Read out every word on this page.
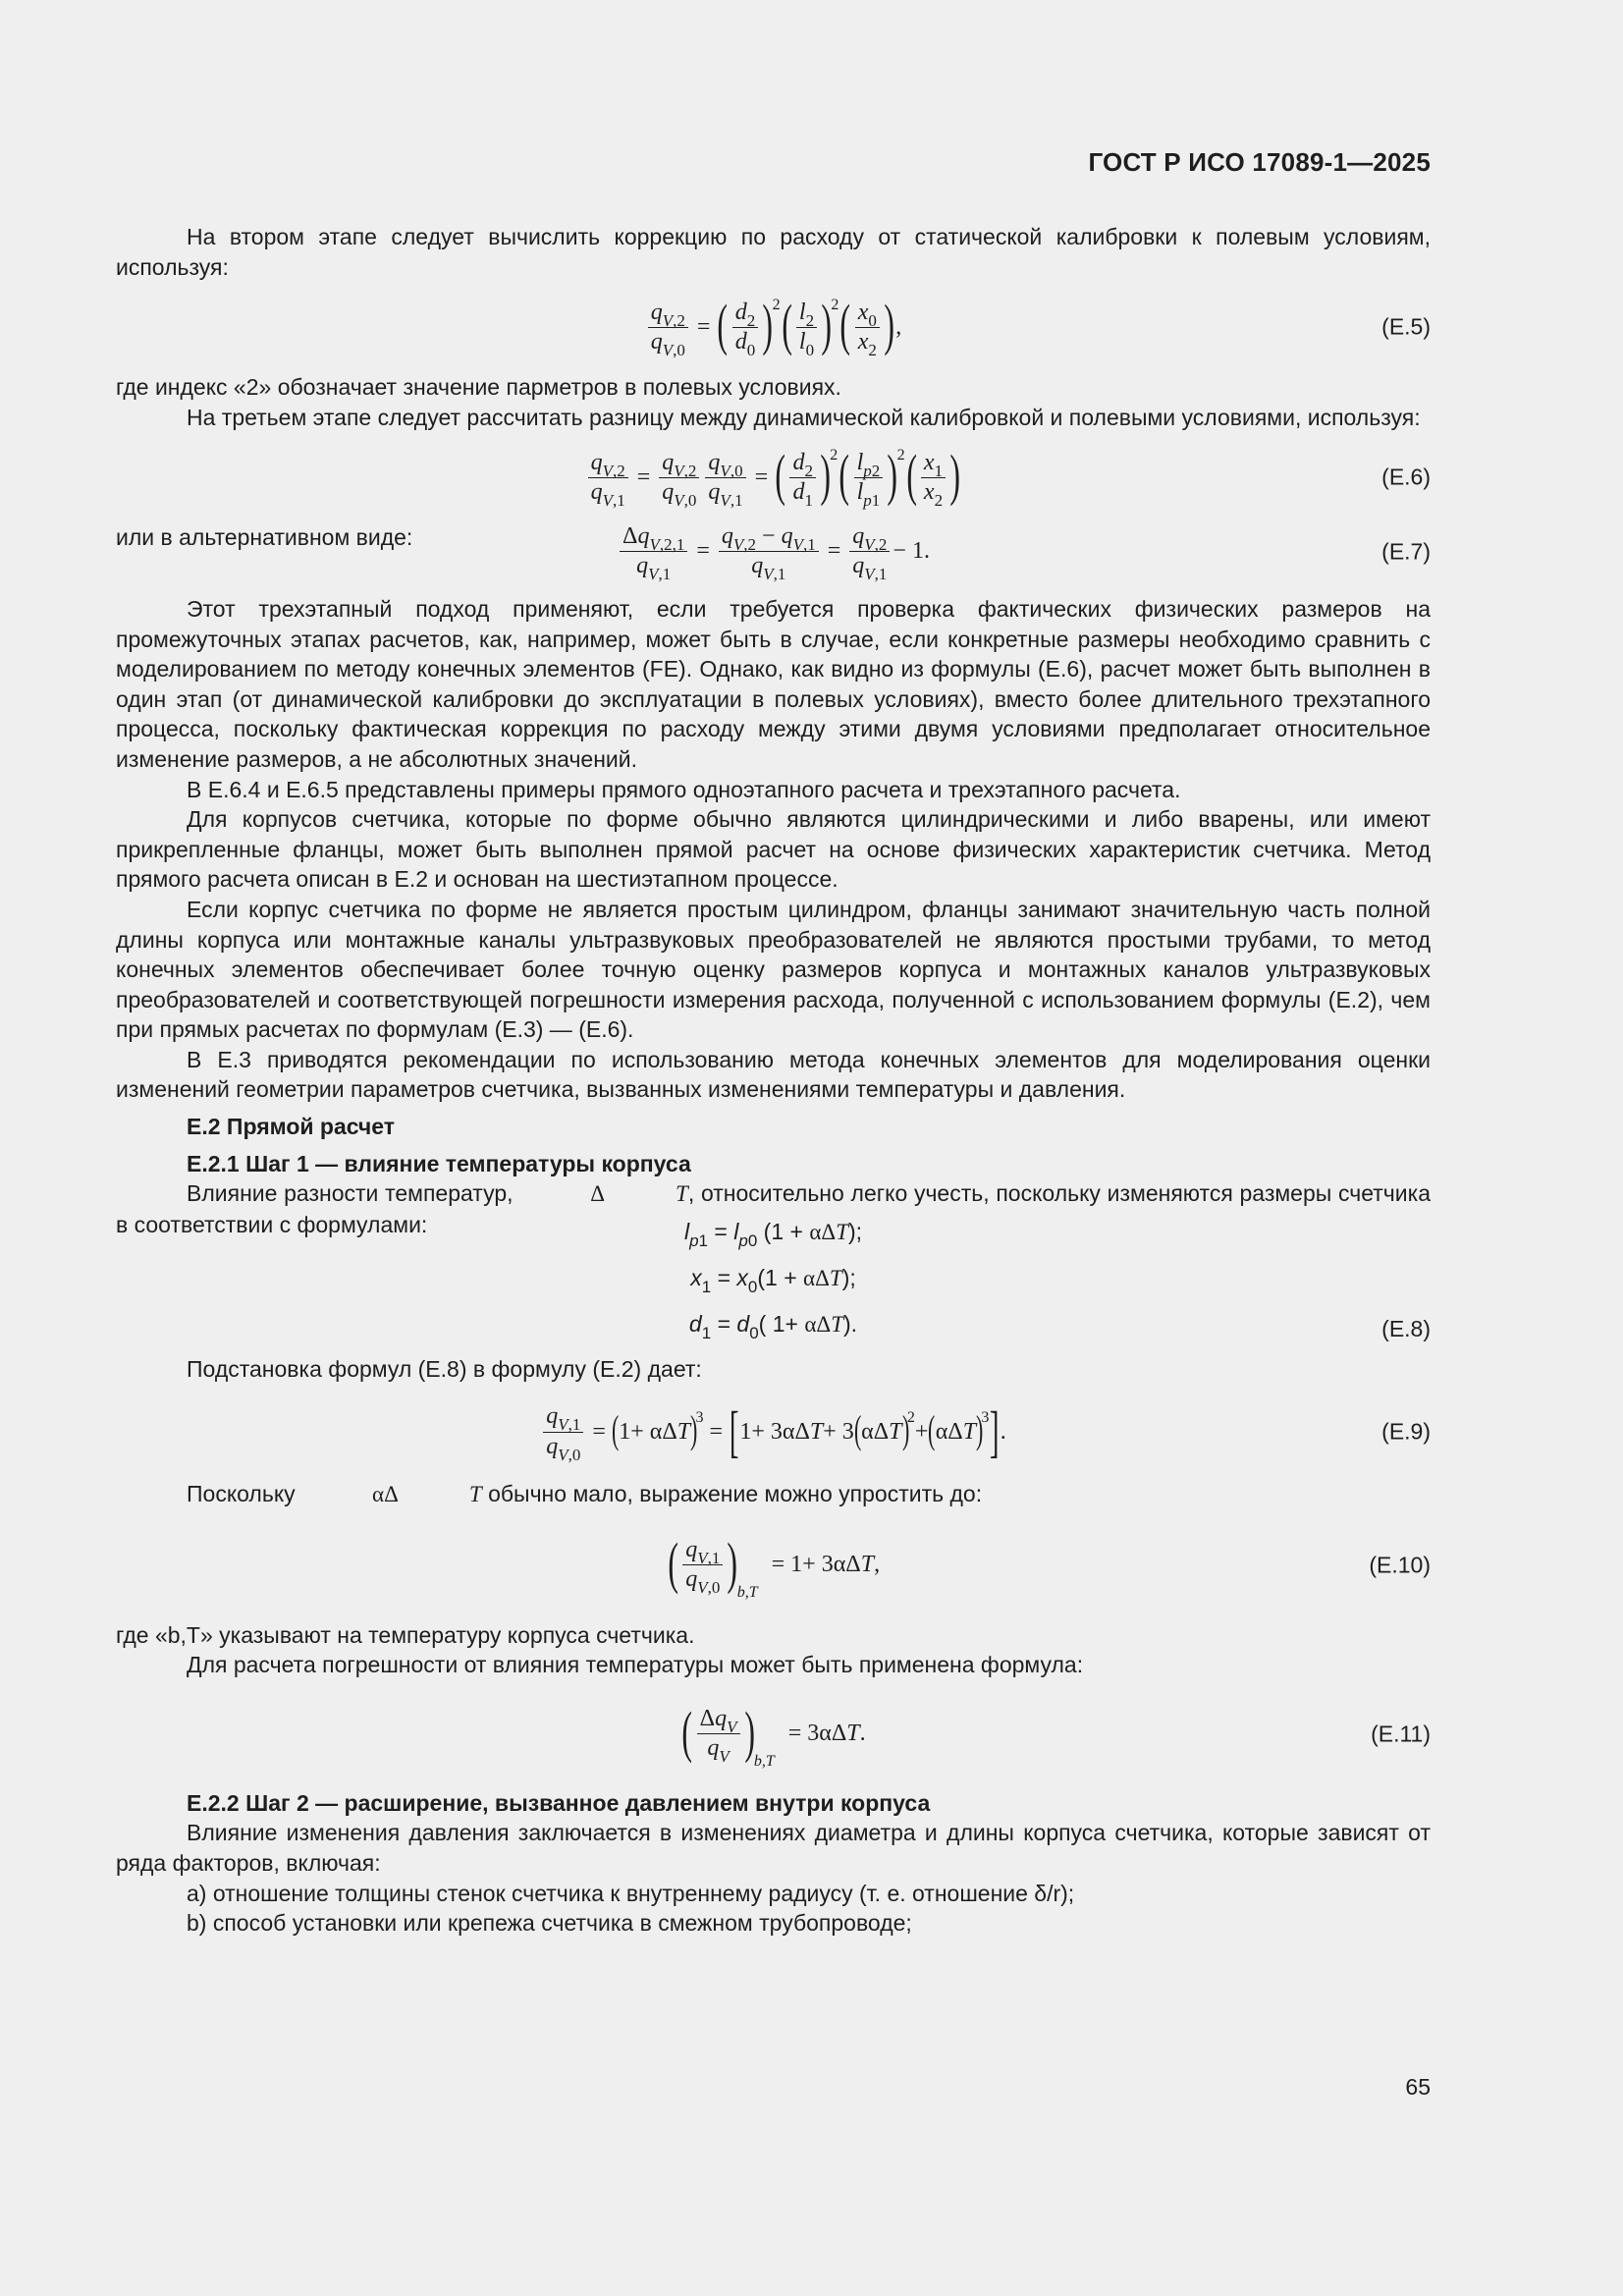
ГОСТ Р ИСО 17089-1—2025

На втором этапе следует вычислить коррекцию по расходу от статической калибровки к полевым условиям, используя:

$\frac{q_{V,2}}{q_{V,0}}$ = ( $\frac{d_2}{d_0}$ ) 2 ( $\frac{l_2}{l_0}$ ) 2 ( $\frac{x_0}{x_2}$ ) ,	(Е.5)

где индекс «2» обозначает значение парметров в полевых условиях.

На третьем этапе следует рассчитать разницу между динамической калибровкой и полевыми условиями, используя:

$\frac{q_{V,2}}{q_{V,1}} = \frac{q_{V,2}}{q_{V,0}} \frac{q_{V,0}}{q_{V,1}}$ = ( $\frac{d_2}{d_1}$ ) 2 ( $\frac{l_{p2}}{l_{p1}}$ ) 2 ( $\frac{x_1}{x_2}$ )	(Е.6)

или в альтернативном виде:	$\frac{\Delta q_{V,2,1}}{q_{V,1}} = \frac{q_{V,2} - q_{V,1}}{q_{V,1}} = \frac{q_{V,2}}{q_{V,1}} - 1$.	(Е.7)

Этот трехэтапный подход применяют, если требуется проверка фактических физических размеров на промежуточных этапах расчетов, как, например, может быть в случае, если конкретные размеры необходимо сравнить с моделированием по методу конечных элементов (FE). Однако, как видно из формулы (Е.6), расчет может быть выполнен в один этап (от динамической калибровки до эксплуатации в полевых условиях), вместо более длительного трехэтапного процесса, поскольку фактическая коррекция по расходу между этими двумя условиями предполагает относительное изменение размеров, а не абсолютных значений.

В Е.6.4 и Е.6.5 представлены примеры прямого одноэтапного расчета и трехэтапного расчета.

Для корпусов счетчика, которые по форме обычно являются цилиндрическими и либо вварены, или имеют прикрепленные фланцы, может быть выполнен прямой расчет на основе физических характеристик счетчика. Метод прямого расчета описан в Е.2 и основан на шестиэтапном процессе.

Если корпус счетчика по форме не является простым цилиндром, фланцы занимают значительную часть полной длины корпуса или монтажные каналы ультразвуковых преобразователей не являются простыми трубами, то метод конечных элементов обеспечивает более точную оценку размеров корпуса и монтажных каналов ультразвуковых преобразователей и соответствующей погрешности измерения расхода, полученной с использованием формулы (Е.2), чем при прямых расчетах по формулам (Е.3) — (Е.6).

В Е.3 приводятся рекомендации по использованию метода конечных элементов для моделирования оценки изменений геометрии параметров счетчика, вызванных изменениями температуры и давления.

Е.2 Прямой расчет
Е.2.1 Шаг 1 — влияние температуры корпуса

Влияние разности температур,	Δ	T , относительно легко учесть, поскольку изменяются размеры счетчика в соответствии с формулами:	$l_{p1} = l_{p0}$ (1 + αΔ T );
$x_1 = x_0(1 + \alpha\Delta$ T );
$d_1 = d_0$( 1+ αΔ T ).	(Е.8)

Подстановка формул (Е.8) в формулу (Е.2) дает:

$\frac{q_{V,1}}{q_{V,0}}$ = ( 1+ αΔ T )
3
= [ 1+ 3αΔ T + 3 ( αΔ T )
2
+ ( αΔ T )
3 ] .	(Е.9)

Поскольку	αΔ	T обычно мало, выражение можно упростить до:

( $\frac{q_{V,1}}{q_{V,0}}$ ) b,T
= 1+ 3αΔ T ,	(Е.10)

где «b,T» указывают на температуру корпуса счетчика.

Для расчета погрешности от влияния температуры может быть применена формула:

( $\frac{\Delta q_V}{q_V}$ ) b,T
= 3αΔ T .	(Е.11)
Е.2.2 Шаг 2 — расширение, вызванное давлением внутри корпуса

Влияние изменения давления заключается в изменениях диаметра и длины корпуса счетчика, которые зависят от ряда факторов, включая:

a) отношение толщины стенок счетчика к внутреннему радиусу (т. е. отношение δ/r);

b) способ установки или крепежа счетчика в смежном трубопроводе;

65
